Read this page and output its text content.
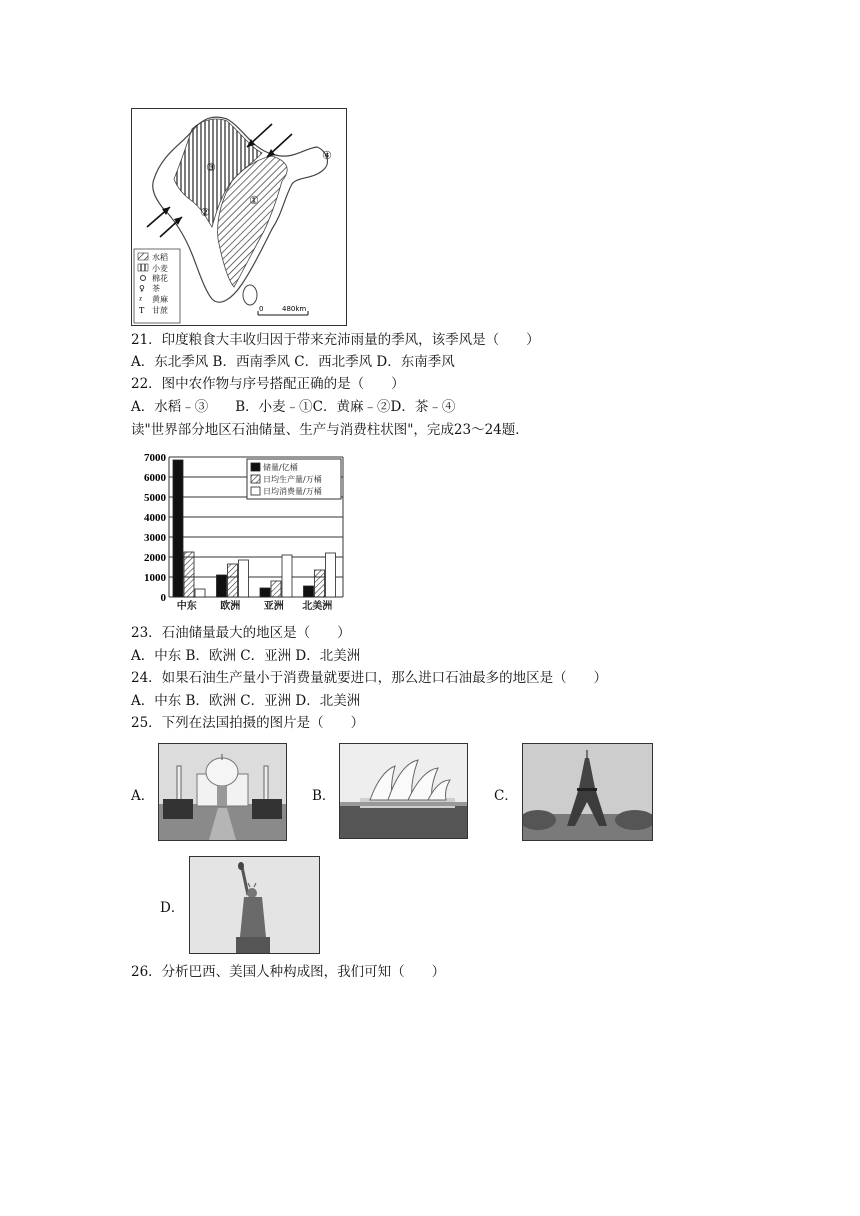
①
②
③
④
♀
ᵡ
T
水稻
小麦
棉花
茶
黄麻
甘蔗	0	480km
21．印度粮食大丰收归因于带来充沛雨量的季风，该季风是（　　）
A．东北季风 B．西南季风 C．西北季风 D．东南季风
22．图中农作物与序号搭配正确的是（　　）
A．水稻﹣③　　B．小麦﹣①C．黄麻﹣②D．茶﹣④
读"世界部分地区石油储量、生产与消费柱状图"，完成23～24题．
0
1000
2000
3000
4000
5000
6000
7000
中东 欧洲 亚洲 北美洲
储量/亿桶
日均生产量/万桶
日均消费量/万桶
23．石油储量最大的地区是（　　）
A．中东 B．欧洲 C．亚洲 D．北美洲
24．如果石油生产量小于消费量就要进口，那么进口石油最多的地区是（　　）
A．中东 B．欧洲 C．亚洲 D．北美洲
25．下列在法国拍摄的图片是（　　）
A．	B．	C．
D．
26．分析巴西、美国人种构成图，我们可知（　　）
